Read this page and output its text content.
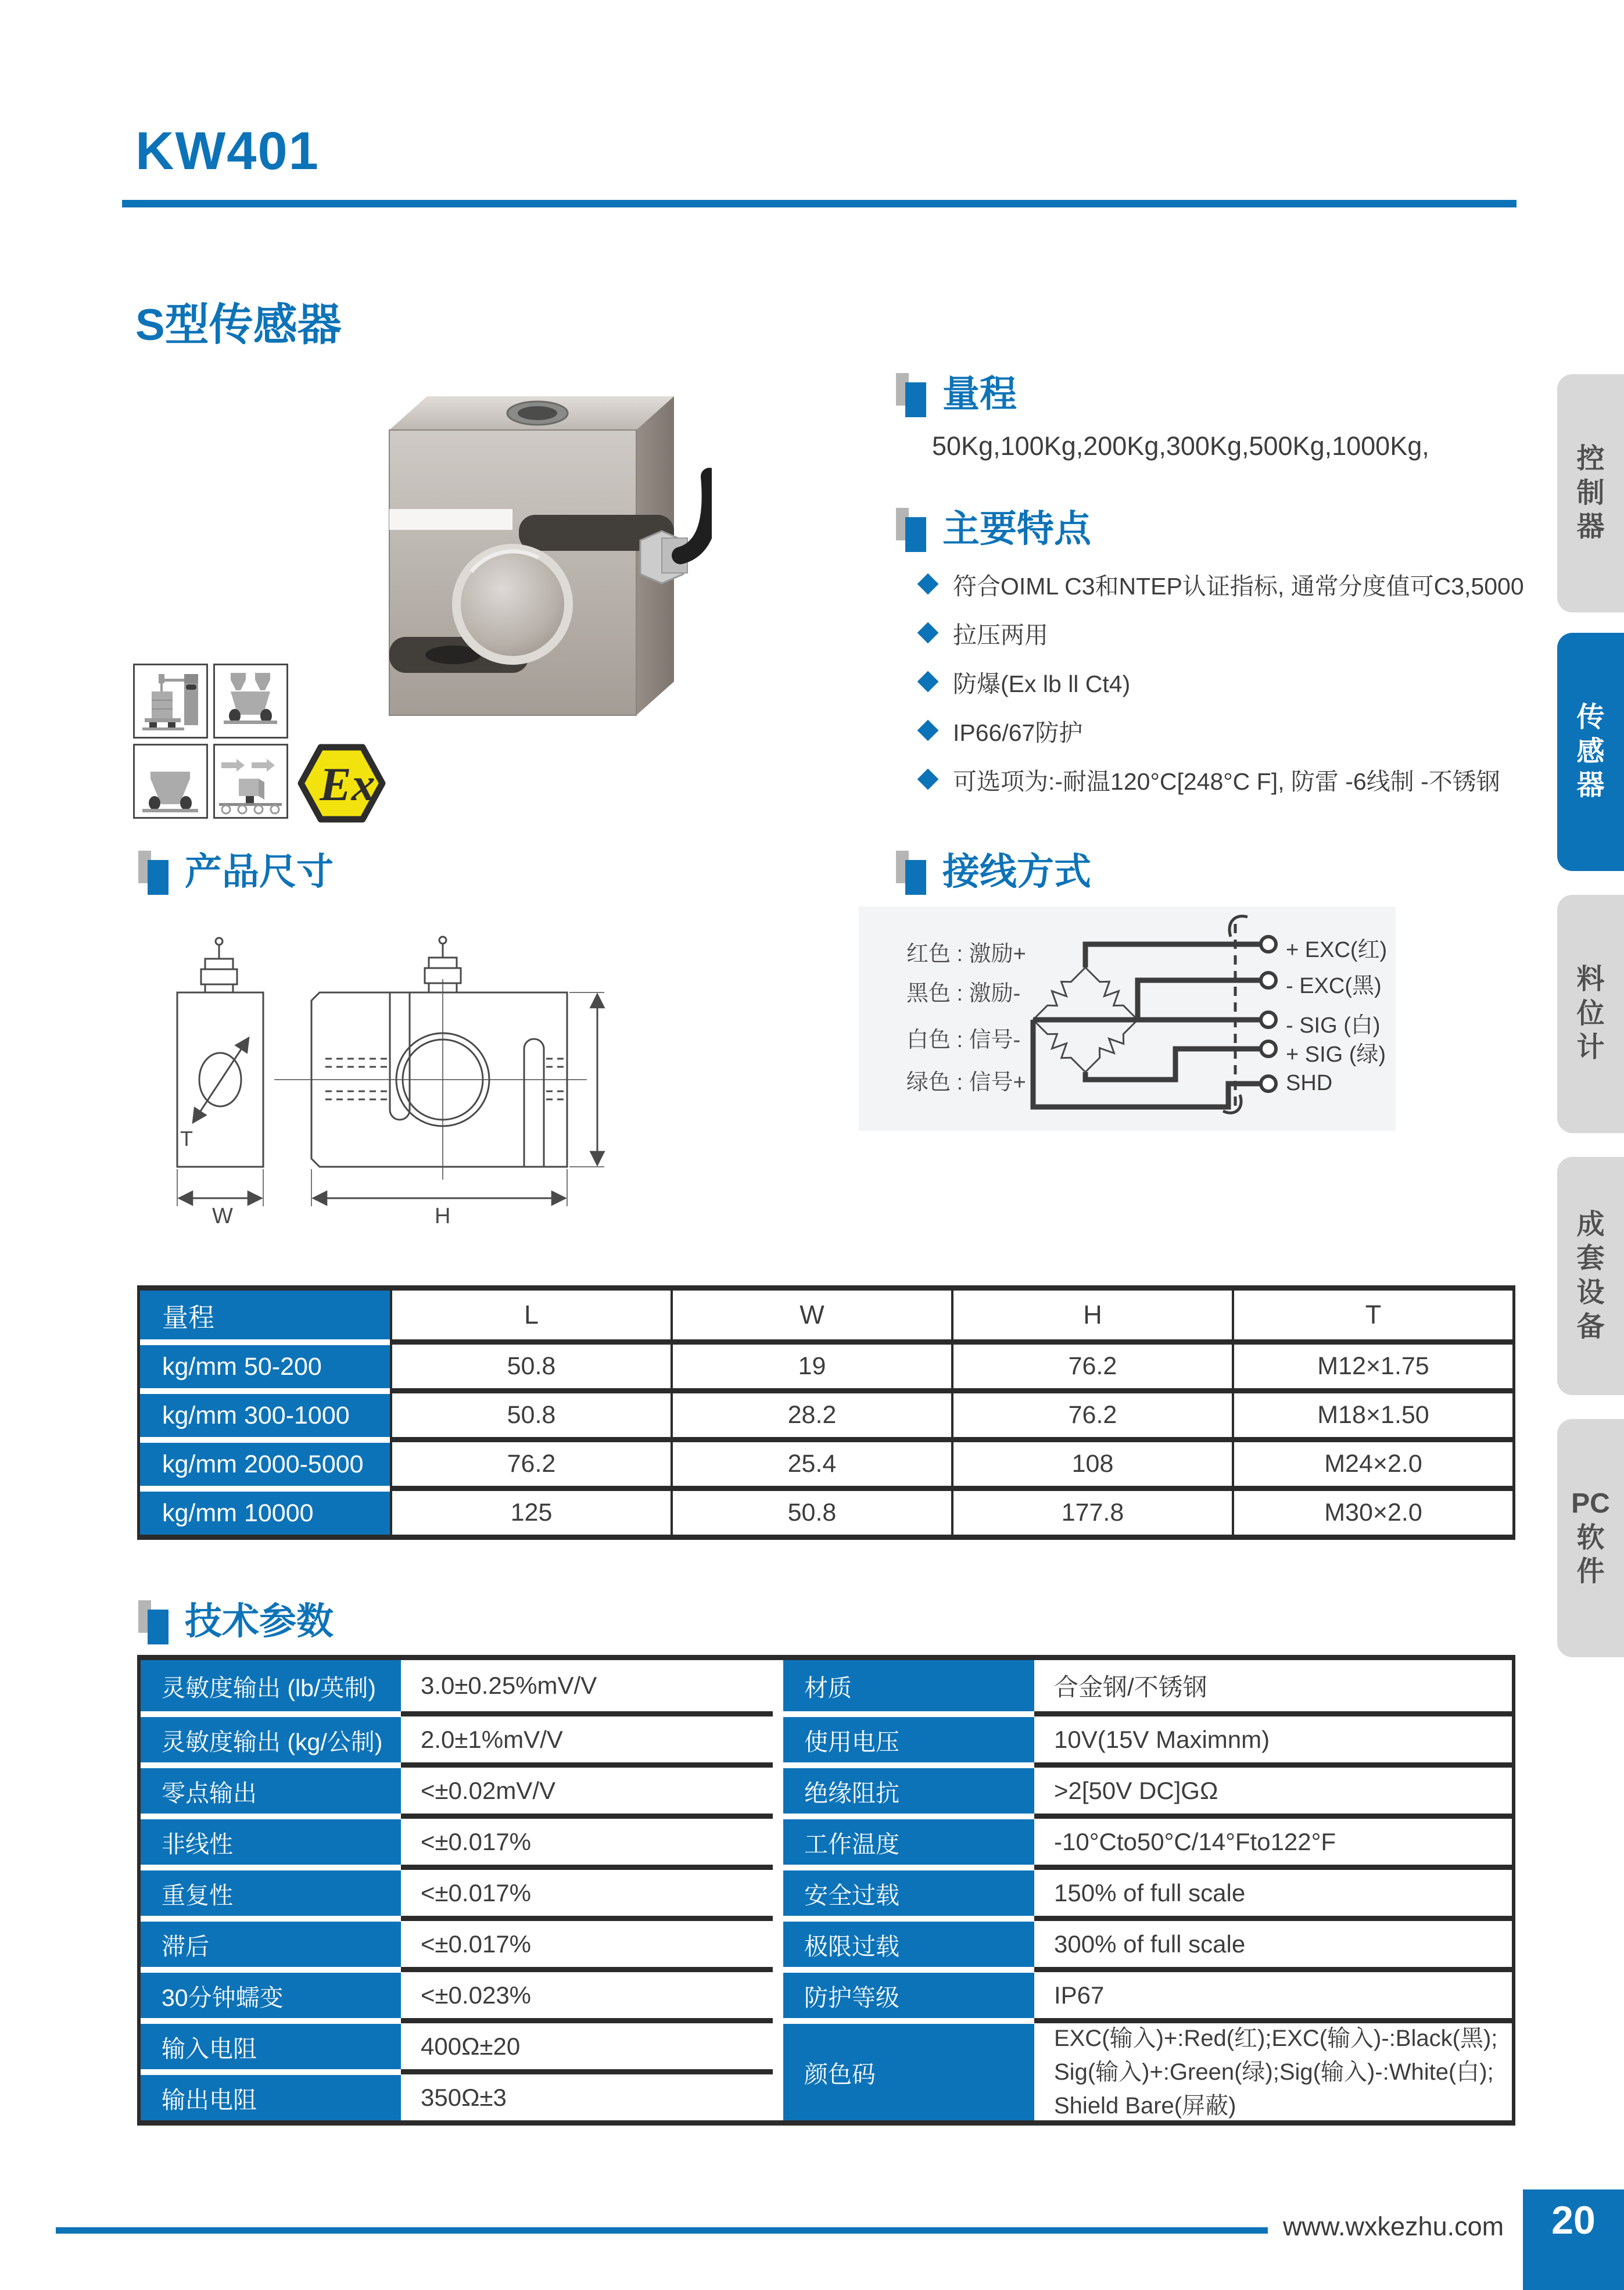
KW401
S型传感器
Ex
量程
50Kg,100Kg,200Kg,300Kg,500Kg,1000Kg,
主要特点
符合OIML C3和NTEP认证指标, 通常分度值可C3,5000
拉压两用
防爆(Ex lb ll Ct4)
IP66/67防护
可选项为:-耐温120°C[248°C F], 防雷 -6线制 -不锈钢
接线方式
红色 : 激励+
黑色 : 激励-
白色 : 信号-
绿色 : 信号+
+ EXC(红)
- EXC(黑)
- SIG (白)
+ SIG (绿)
SHD
产品尺寸
T
W	H
量程	L	W	H	T
kg/mm 50-200	50.8	19	76.2	M12×1.75
kg/mm 300-1000	50.8	28.2	76.2	M18×1.50
kg/mm 2000-5000	76.2	25.4	108	M24×2.0
kg/mm 10000	125	50.8	177.8	M30×2.0
技术参数
灵敏度输出 (lb/英制)	3.0±0.25%mV/V
灵敏度输出 (kg/公制)	2.0±1%mV/V
零点输出	<±0.02mV/V
非线性	<±0.017%
重复性	<±0.017%
滞后	<±0.017%
30分钟蠕变	<±0.023%
输入电阻	400Ω±20
输出电阻	350Ω±3
材质	合金钢/不锈钢
使用电压	10V(15V Maximnm)
绝缘阻抗	>2[50V DC]GΩ
工作温度	-10°Cto50°C/14°Fto122°F
安全过载	150% of full scale
极限过载	300% of full scale
防护等级	IP67
颜色码
EXC(输入)+:Red(红);EXC(输入)-:Black(黑); Sig(输入)+:Green(绿);Sig(输入)-:White(白); Shield Bare(屏蔽)
控
制
器
传
感
器
料
位
计
成
套
设
备
PC
软
件
www.wxkezhu.com 20
